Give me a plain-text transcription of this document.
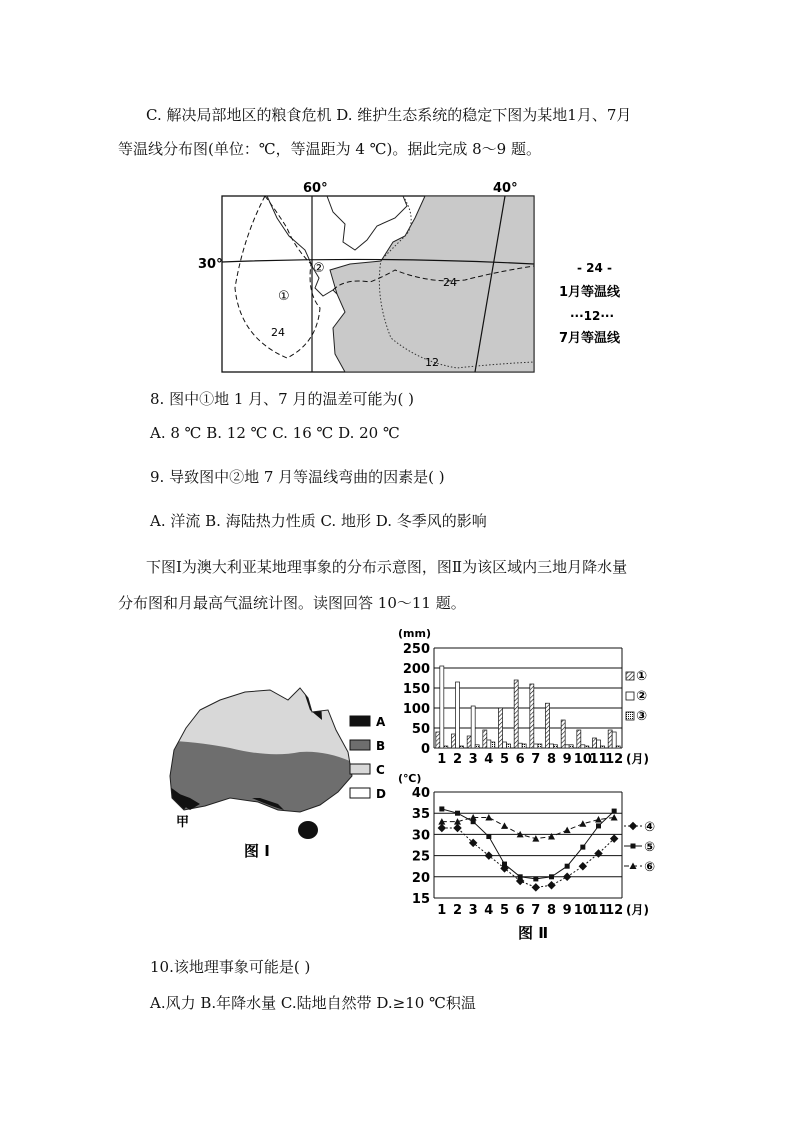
C. 解决局部地区的粮食危机 D. 维护生态系统的稳定下图为某地1月、7月
等温线分布图(单位：℃，等温距为 4 ℃)。据此完成 8～9 题。
60°	40°
30°
①
②
24
24
12
- 24 -
1月等温线
···12···
7月等温线
8. 图中①地 1 月、7 月的温差可能为( )
A. 8 ℃ B. 12 ℃ C. 16 ℃ D. 20 ℃
9. 导致图中②地 7 月等温线弯曲的因素是( )
A. 洋流 B. 海陆热力性质 C. 地形 D. 冬季风的影响
下图Ⅰ为澳大利亚某地理事象的分布示意图，图Ⅱ为该区域内三地月降水量
分布图和月最高气温统计图。读图回答 10～11 题。
甲
图 Ⅰ
A
B
C
D
(mm)
0
50
100
150
200
250
1 2 3 4 5 6 7 8 9 10
11
12 (月)
①
②
③
(℃)
15
20
25
30
35
40
1 2 3 4 5 6 7 8 9 10
11
12 (月)
④
⑤
⑥
图 Ⅱ
10.该地理事象可能是( )
A.风力 B.年降水量 C.陆地自然带 D.≥10 ℃积温
